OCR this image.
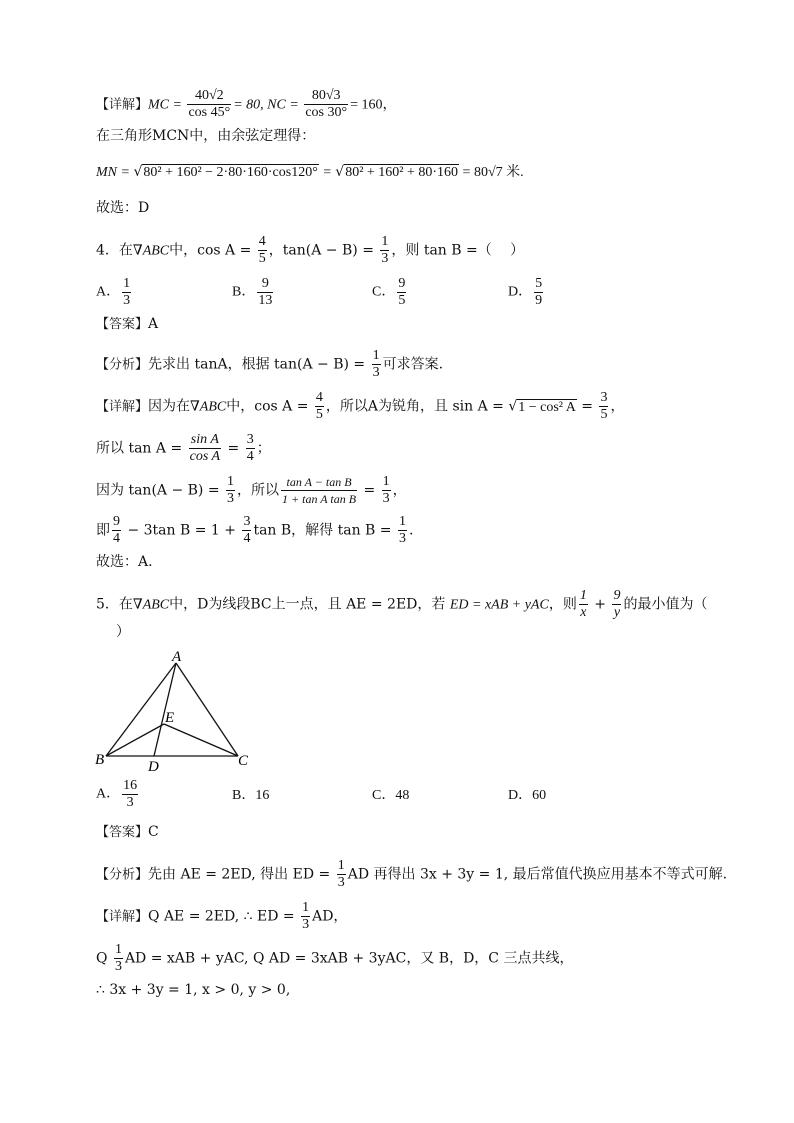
【详解】MC = $\frac{40√2}{\cos 45^\circ} = 80$, NC = $\frac{80√3}{\cos 30^\circ} = 160$，
在三角形MCN中，由余弦定理得：
MN = √80² + 160² − 2·80·160·cos120° = √80² + 160² + 80·160 = 80√7 米.
故选：D
4．在∇ABC中，$\cos A = \frac{4}{5}$ ，$\tan(A - B) = \frac{1}{3}$ ，则 tan B =（　 ）
A． $\frac{1}{3}$	B． $\frac{9}{13}$	C． $\frac{9}{5}$	D． $\frac{5}{9}$
【答案】A
【分析】先求出 tanA，根据 $\tan(A - B) = \frac{1}{3}$ 可求答案.
【详解】因为在∇ABC中，$\cos A = \frac{4}{5}$ ，所以A为锐角，且 sin A = √1 − cos² $A = \frac{3}{5}$ ，
所以 $\tan A = \frac{\text{sin A}}{\text{cos A}} = \frac{3}{4}$ ；
因为 $\tan(A - B) = \frac{1}{3}$ ，所以 $\frac{\text{tan A − tan B}}{\text{1 + tan A tan B}} = \frac{1}{3}$ ，
即 $\frac{9}{4} - 3\tan$ $B = 1 + \frac{3}{4}$ tan B，解得 $\tan B = \frac{1}{3}$ .
故选：A.
5．在∇ABC中，D为线段BC上一点，且 AE = 2ED，若 ED = xAB + yAC，则 $\frac{1}{x} + \frac{9}{y}$ 的最小值为（
）
A
B	C
D
E
A． $\frac{16}{3}$	B．16	C．48	D．60
【答案】C
【分析】先由 AE = 2ED, 得出 ED = $\frac{1}{3}$ AD 再得出 3x + 3y = 1, 最后常值代换应用基本不等式可解.
【详解】Q AE = 2ED, ∴ ED = $\frac{1}{3}$ AD，
Q $\frac{1}{3}$ AD = xAB + yAC, Q AD = 3xAB + 3yAC，又 B，D，C 三点共线，
∴ 3x + 3y = 1, x > 0, y > 0,
